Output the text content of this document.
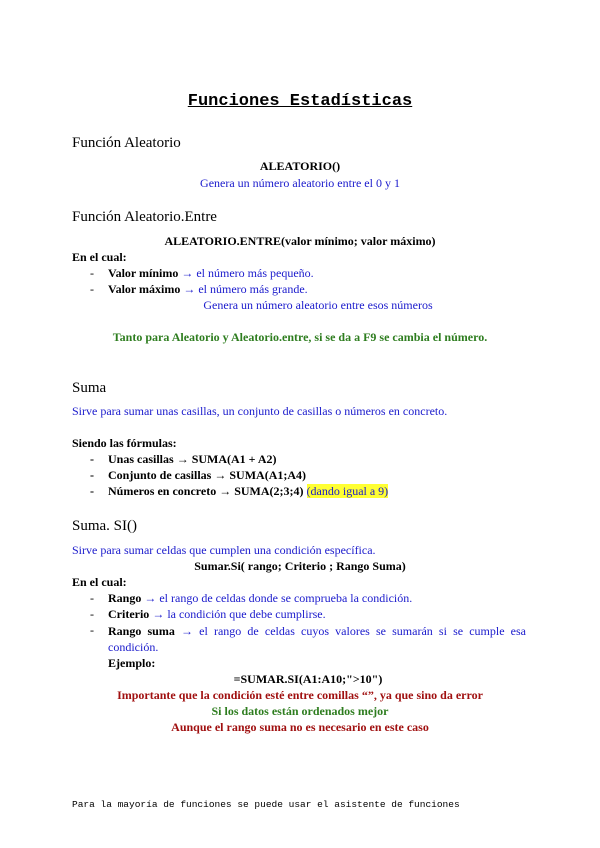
Funciones Estadísticas
Función Aleatorio
ALEATORIO()
Genera un número aleatorio entre el 0 y 1
Función Aleatorio.Entre
ALEATORIO.ENTRE(valor mínimo; valor máximo)
En el cual:
- Valor mínimo → el número más pequeño.
- Valor máximo → el número más grande.
Genera un número aleatorio entre esos números
Tanto para Aleatorio y Aleatorio.entre, si se da a F9 se cambia el número.
Suma
Sirve para sumar unas casillas, un conjunto de casillas o números en concreto.
Siendo las fórmulas:
- Unas casillas → SUMA(A1 + A2)
- Conjunto de casillas → SUMA(A1;A4)
- Números en concreto → SUMA(2;3;4) (dando igual a 9)
Suma. SI()
Sirve para sumar celdas que cumplen una condición específica.
Sumar.Si( rango; Criterio ; Rango Suma)
En el cual:
- Rango → el rango de celdas donde se comprueba la condición.
- Criterio → la condición que debe cumplirse.
-	Rango suma → el rango de celdas cuyos valores se sumarán si se cumple esa condición.
Ejemplo:
=SUMAR.SI(A1:A10;">10")
Importante que la condición esté entre comillas “”, ya que sino da error
Si los datos están ordenados mejor
Aunque el rango suma no es necesario en este caso
Para la mayoría de funciones se puede usar el asistente de funciones
